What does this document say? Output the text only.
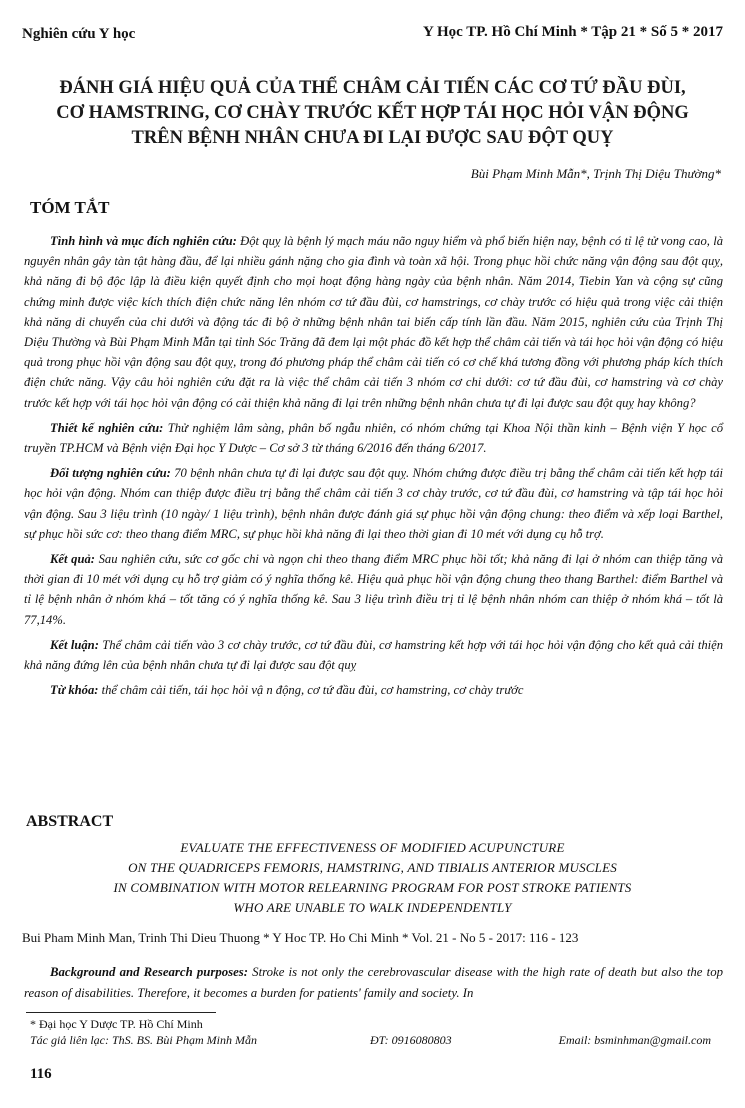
Nghiên cứu Y học	Y Học TP. Hồ Chí Minh * Tập 21 * Số 5 * 2017
ĐÁNH GIÁ HIỆU QUẢ CỦA THỂ CHÂM CẢI TIẾN CÁC CƠ TỨ ĐẦU ĐÙI,
CƠ HAMSTRING, CƠ CHÀY TRƯỚC KẾT HỢP TÁI HỌC HỎI VẬN ĐỘNG
TRÊN BỆNH NHÂN CHƯA ĐI LẠI ĐƯỢC SAU ĐỘT QUỴ
Bùi Phạm Minh Mẫn*, Trịnh Thị Diệu Thường*
TÓM TẮT

Tình hình và mục đích nghiên cứu: Đột quỵ là bệnh lý mạch máu não nguy hiểm và phổ biến hiện nay, bệnh có tỉ lệ tử vong cao, là nguyên nhân gây tàn tật hàng đầu, để lại nhiều gánh nặng cho gia đình và toàn xã hội. Trong phục hồi chức năng vận động sau đột quỵ, khả năng đi bộ độc lập là điều kiện quyết định cho mọi hoạt động hàng ngày của bệnh nhân. Năm 2014, Tiebin Yan và cộng sự cũng chứng minh được việc kích thích điện chức năng lên nhóm cơ tứ đầu đùi, cơ hamstrings, cơ chày trước có hiệu quả trong việc cải thiện khả năng di chuyển của chi dưới và động tác đi bộ ở những bệnh nhân tai biến cấp tính lần đầu. Năm 2015, nghiên cứu của Trịnh Thị Diệu Thường và Bùi Phạm Minh Mẫn tại tỉnh Sóc Trăng đã đem lại một phác đồ kết hợp thể châm cải tiến và tái học hỏi vận động có hiệu quả trong phục hồi vận động sau đột quỵ, trong đó phương pháp thể châm cải tiến có cơ chế khá tương đồng với phương pháp kích thích điện chức năng. Vậy câu hỏi nghiên cứu đặt ra là việc thể châm cải tiến 3 nhóm cơ chi dưới: cơ tứ đầu đùi, cơ hamstring và cơ chày trước kết hợp với tái học hỏi vận động có cải thiện khả năng đi lại trên những bệnh nhân chưa tự đi lại được sau đột quỵ hay không?

Thiết kế nghiên cứu: Thử nghiệm lâm sàng, phân bố ngẫu nhiên, có nhóm chứng tại Khoa Nội thần kinh – Bệnh viện Y học cổ truyền TP.HCM và Bệnh viện Đại học Y Dược – Cơ sở 3 từ tháng 6/2016 đến tháng 6/2017.

Đối tượng nghiên cứu: 70 bệnh nhân chưa tự đi lại được sau đột quỵ. Nhóm chứng được điều trị bằng thể châm cải tiến kết hợp tái học hỏi vận động. Nhóm can thiệp được điều trị bằng thể châm cải tiến 3 cơ chày trước, cơ tứ đầu đùi, cơ hamstring và tập tái học hỏi vận động. Sau 3 liệu trình (10 ngày/ 1 liệu trình), bệnh nhân được đánh giá sự phục hồi vận động chung: theo điểm và xếp loại Barthel, sự phục hồi sức cơ: theo thang điểm MRC, sự phục hồi khả năng đi lại theo thời gian đi 10 mét với dụng cụ hỗ trợ.

Kết quả: Sau nghiên cứu, sức cơ gốc chi và ngọn chi theo thang điểm MRC phục hồi tốt; khả năng đi lại ở nhóm can thiệp tăng và thời gian đi 10 mét với dụng cụ hỗ trợ giảm có ý nghĩa thống kê. Hiệu quả phục hồi vận động chung theo thang Barthel: điểm Barthel và tỉ lệ bệnh nhân ở nhóm khá – tốt tăng có ý nghĩa thống kê. Sau 3 liệu trình điều trị tỉ lệ bệnh nhân nhóm can thiệp ở nhóm khá – tốt là 77,14%.

Kết luận: Thể châm cải tiến vào 3 cơ chày trước, cơ tứ đầu đùi, cơ hamstring kết hợp với tái học hỏi vận động cho kết quả cải thiện khả năng đứng lên của bệnh nhân chưa tự đi lại được sau đột quỵ

Từ khóa: thể châm cải tiến, tái học hỏi vậ n động, cơ tứ đầu đùi, cơ hamstring, cơ chày trước

ABSTRACT
EVALUATE THE EFFECTIVENESS OF MODIFIED ACUPUNCTURE
ON THE QUADRICEPS FEMORIS, HAMSTRING, AND TIBIALIS ANTERIOR MUSCLES
IN COMBINATION WITH MOTOR RELEARNING PROGRAM FOR POST STROKE PATIENTS
WHO ARE UNABLE TO WALK INDEPENDENTLY
Bui Pham Minh Man, Trinh Thi Dieu Thuong * Y Hoc TP. Ho Chi Minh * Vol. 21 - No 5 - 2017: 116 - 123

Background and Research purposes: Stroke is not only the cerebrovascular disease with the high rate of death but also the top reason of disabilities. Therefore, it becomes a burden for patients' family and society. In

* Đại học Y Dược TP. Hồ Chí Minh
Tác giả liên lạc: ThS. BS. Bùi Phạm Minh Mẫn	ĐT: 0916080803	Email: bsminhman@gmail.com
116
